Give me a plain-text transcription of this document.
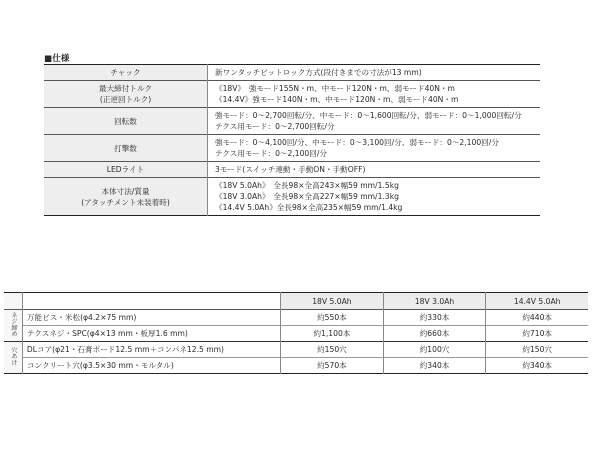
■仕様
チャック	新ワンタッチビットロック方式(段付きまでの寸法が13 mm)

最大締付トルク
(正逆回トルク)	《18V》　強モード155N・m、中モード120N・m、弱モード40N・m
《14.4V》強モード140N・m、中モード120N・m、弱モード40N・m

回転数	強モード：0～2,700回転/分、中モード：0～1,600回転/分、弱モード：0～1,000回転/分
テクス用モード：0～2,700回転/分

打撃数	強モード：0～4,100回/分、中モード：0～3,100回/分、弱モード：0～2,100回/分
テクス用モード：0～2,100回/分

LEDライト	3モード(スイッチ連動・手動ON・手動OFF)

本体寸法/質量
(アタッチメント未装着時)	《18V 5.0Ah》　全長98×全高243×幅59 mm/1.5kg
《18V 3.0Ah》　全長98×全高227×幅59 mm/1.3kg
《14.4V 5.0Ah》全長98×全高235×幅59 mm/1.4kg
		18V 5.0Ah	18V 3.0Ah	14.4V 5.0Ah
ネジ締め	万能ビス・米松(φ4.2×75 mm)	約550本	約330本	約440本
	テクスネジ・SPC(φ4×13 mm・板厚1.6 mm)	約1,100本	約660本	約710本
穴あけ	DLコア(φ21・石膏ボード12.5 mm＋コンパネ12.5 mm)	約150穴	約100穴	約150穴
	コンクリート穴(φ3.5×30 mm・モルタル)	約570本	約340本	約340本
